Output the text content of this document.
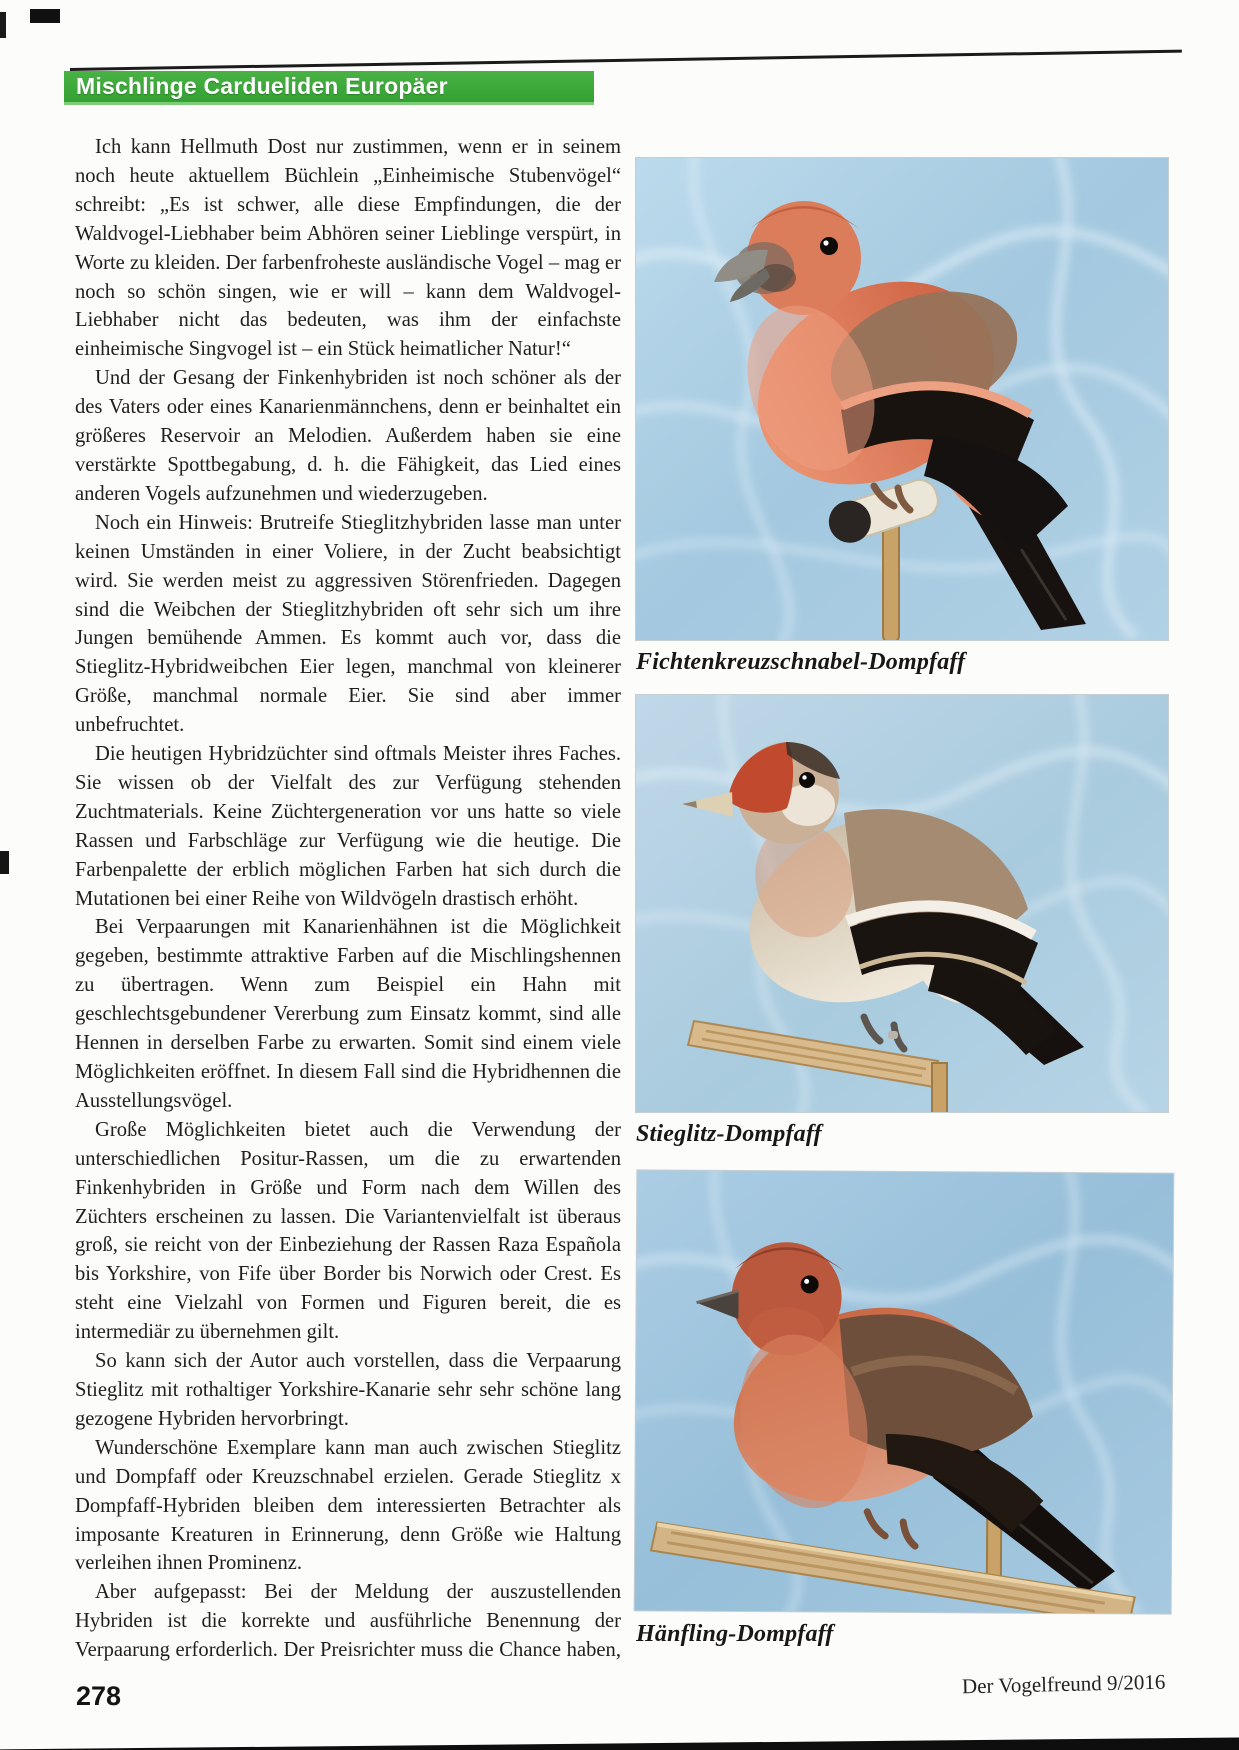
Mischlinge Cardueliden Europäer

Ich kann Hellmuth Dost nur zustimmen, wenn er in seinem noch heute aktuellem Büchlein „Einheimische Stubenvögel“ schreibt: „Es ist schwer, alle diese Empfindungen, die der Waldvogel-Liebhaber beim Abhören seiner Lieblinge verspürt, in Worte zu kleiden. Der farbenfroheste ausländische Vogel – mag er noch so schön singen, wie er will – kann dem Waldvogel-Liebhaber nicht das bedeuten, was ihm der einfachste einheimische Singvogel ist – ein Stück heimatlicher Natur!“

Und der Gesang der Finkenhybriden ist noch schöner als der des Vaters oder eines Kanarienmännchens, denn er beinhaltet ein größeres Reservoir an Melodien. Außerdem haben sie eine verstärkte Spottbegabung, d. h. die Fähigkeit, das Lied eines anderen Vogels aufzunehmen und wiederzugeben.

Noch ein Hinweis: Brutreife Stieglitzhybriden lasse man unter keinen Umständen in einer Voliere, in der Zucht beabsichtigt wird. Sie werden meist zu aggressiven Störenfrieden. Dagegen sind die Weibchen der Stieglitzhybriden oft sehr sich um ihre Jungen bemühende Ammen. Es kommt auch vor, dass die Stieglitz-Hybridweibchen Eier legen, manchmal von kleinerer Größe, manchmal normale Eier. Sie sind aber immer unbefruchtet.

Die heutigen Hybridzüchter sind oftmals Meister ihres Faches. Sie wissen ob der Vielfalt des zur Verfügung stehenden Zuchtmaterials. Keine Züchtergeneration vor uns hatte so viele Rassen und Farbschläge zur Verfügung wie die heutige. Die Farbenpalette der erblich möglichen Farben hat sich durch die Mutationen bei einer Reihe von Wildvögeln drastisch erhöht.

Bei Verpaarungen mit Kanarienhähnen ist die Möglichkeit gegeben, bestimmte attraktive Farben auf die Mischlingshennen zu übertragen. Wenn zum Beispiel ein Hahn mit geschlechtsgebundener Vererbung zum Einsatz kommt, sind alle Hennen in derselben Farbe zu erwarten. Somit sind einem viele Möglichkeiten eröffnet. In diesem Fall sind die Hybridhennen die Ausstellungsvögel.

Große Möglichkeiten bietet auch die Verwendung der unterschiedlichen Positur-Rassen, um die zu erwartenden Finkenhybriden in Größe und Form nach dem Willen des Züchters erscheinen zu lassen. Die Variantenvielfalt ist überaus groß, sie reicht von der Einbeziehung der Rassen Raza Española bis Yorkshire, von Fife über Border bis Norwich oder Crest. Es steht eine Vielzahl von Formen und Figuren bereit, die es intermediär zu übernehmen gilt.

So kann sich der Autor auch vorstellen, dass die Verpaarung Stieglitz mit rothaltiger Yorkshire-Kanarie sehr sehr schöne lang gezogene Hybriden hervorbringt.

Wunderschöne Exemplare kann man auch zwischen Stieglitz und Dompfaff oder Kreuzschnabel erzielen. Gerade Stieglitz x Dompfaff-Hybriden bleiben dem interessierten Betrachter als imposante Kreaturen in Erinnerung, denn Größe wie Haltung verleihen ihnen Prominenz.

Aber aufgepasst: Bei der Meldung der auszustellenden Hybriden ist die korrekte und ausführliche Benennung der Verpaarung erforderlich. Der Preisrichter muss die Chance haben,

Fichtenkreuzschnabel-Dompfaff
Stieglitz-Dompfaff
Hänfling-Dompfaff
278	Der Vogelfreund 9/2016
